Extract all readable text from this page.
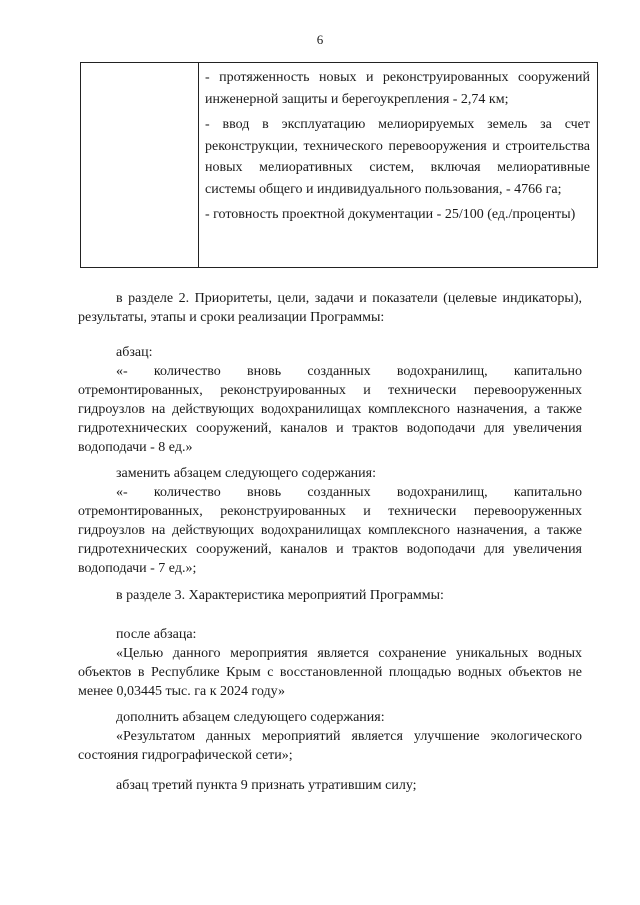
6

- протяженность новых и реконструированных сооружений инженерной защиты и берегоукрепления - 2,74 км;

- ввод в эксплуатацию мелиорируемых земель за счет реконструкции, технического перевооружения и строительства новых мелиоративных систем, включая мелиоративные системы общего и индивидуального пользования, - 4766 га;

- готовность проектной документации - 25/100 (ед./проценты)

в разделе 2. Приоритеты, цели, задачи и показатели (целевые индикаторы), результаты, этапы и сроки реализации Программы:

абзац:

«- количество вновь созданных водохранилищ, капитально отремонтированных, реконструированных и технически перевооруженных гидроузлов на действующих водохранилищах комплексного назначения, а также гидротехнических сооружений, каналов и трактов водоподачи для увеличения водоподачи - 8 ед.»

заменить абзацем следующего содержания:

«- количество вновь созданных водохранилищ, капитально отремонтированных, реконструированных и технически перевооруженных гидроузлов на действующих водохранилищах комплексного назначения, а также гидротехнических сооружений, каналов и трактов водоподачи для увеличения водоподачи - 7 ед.»;

в разделе 3. Характеристика мероприятий Программы:

после абзаца:

«Целью данного мероприятия является сохранение уникальных водных объектов в Республике Крым с восстановленной площадью водных объектов не менее 0,03445 тыс. га к 2024 году»

дополнить абзацем следующего содержания:

«Результатом данных мероприятий является улучшение экологического состояния гидрографической сети»;

абзац третий пункта 9 признать утратившим силу;
